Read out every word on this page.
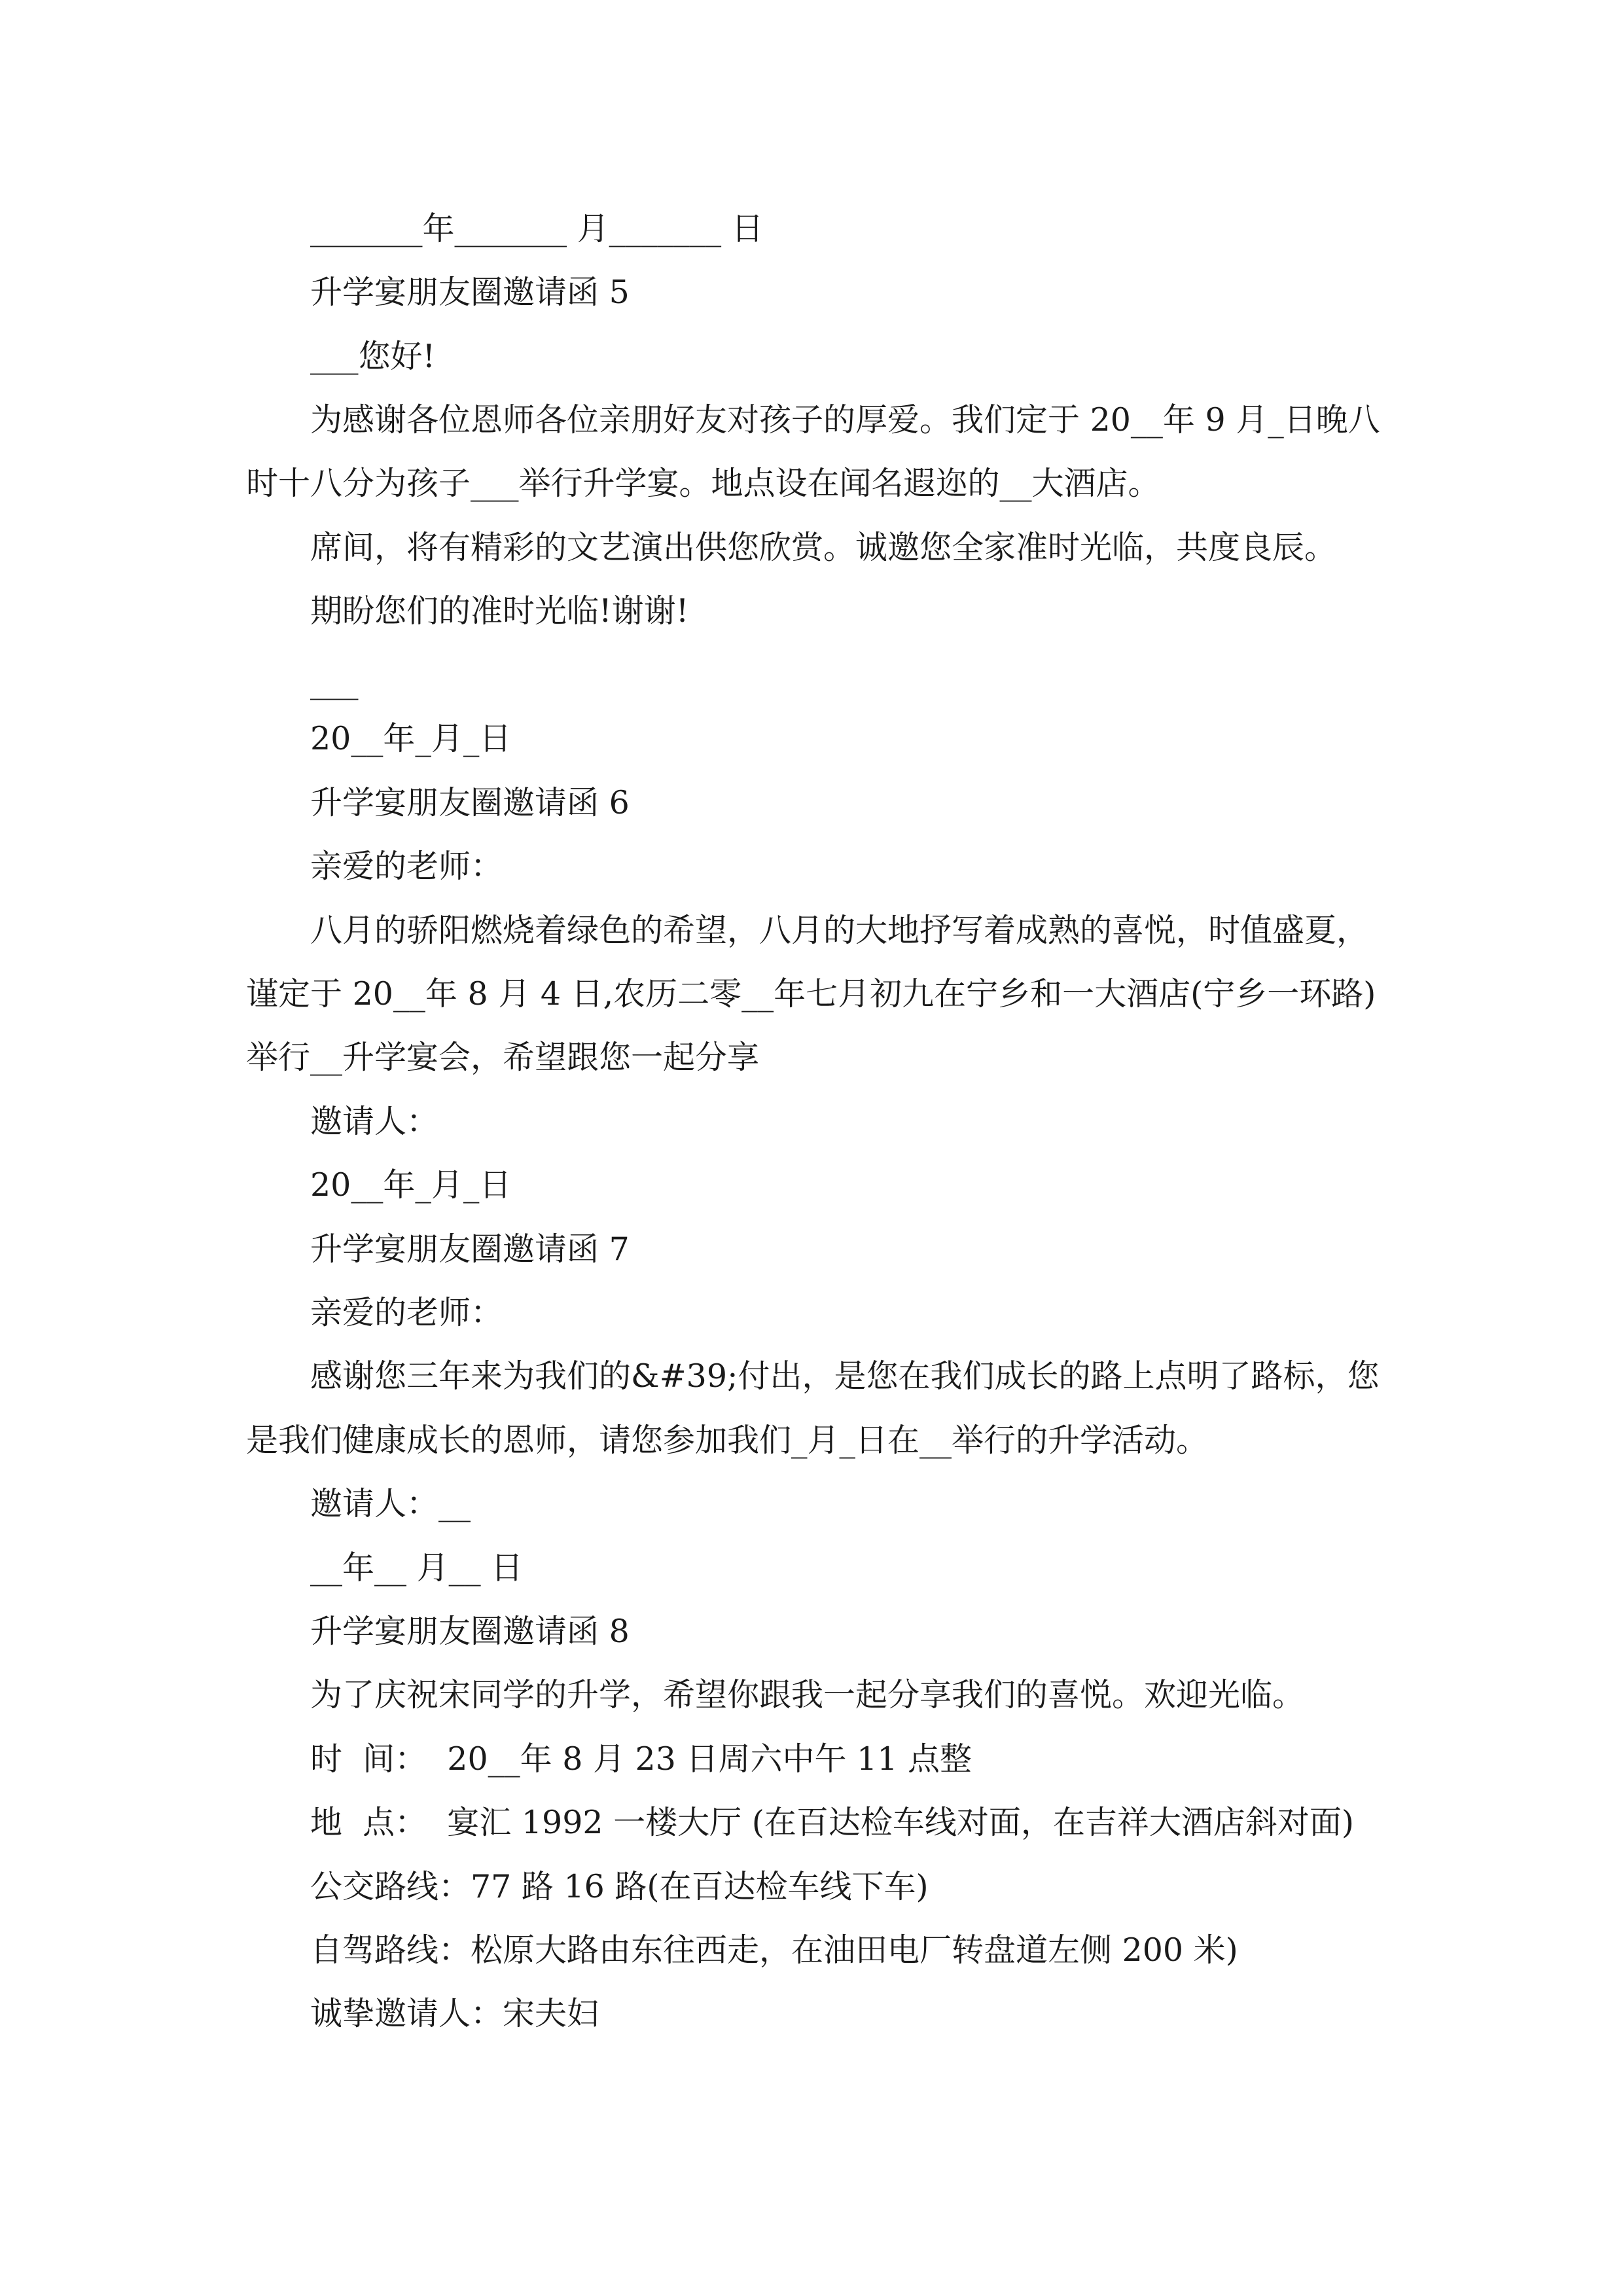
_______年_______ 月_______ 日
升学宴朋友圈邀请函 5
___您好!
为感谢各位恩师各位亲朋好友对孩子的厚爱。我们定于 20__年 9 月_日晚八
时十八分为孩子___举行升学宴。地点设在闻名遐迩的__大酒店。
席间，将有精彩的文艺演出供您欣赏。诚邀您全家准时光临，共度良辰。
期盼您们的准时光临!谢谢!
___
20__年_月_日
升学宴朋友圈邀请函 6
亲爱的老师：
八月的骄阳燃烧着绿色的希望，八月的大地抒写着成熟的喜悦，时值盛夏，
谨定于 20__年 8 月 4 日,农历二零__年七月初九在宁乡和一大酒店(宁乡一环路)
举行__升学宴会，希望跟您一起分享
邀请人：
20__年_月_日
升学宴朋友圈邀请函 7
亲爱的老师：
感谢您三年来为我们的&#39;付出，是您在我们成长的路上点明了路标，您
是我们健康成长的恩师，请您参加我们_月_日在__举行的升学活动。
邀请人：__
__年__ 月__ 日
升学宴朋友圈邀请函 8
为了庆祝宋同学的升学，希望你跟我一起分享我们的喜悦。欢迎光临。
时  间：  20__年 8 月 23 日周六中午 11 点整
地  点：  宴汇 1992 一楼大厅 (在百达检车线对面，在吉祥大酒店斜对面)
公交路线：77 路 16 路(在百达检车线下车)
自驾路线：松原大路由东往西走，在油田电厂转盘道左侧 200 米)
诚挚邀请人：宋夫妇
